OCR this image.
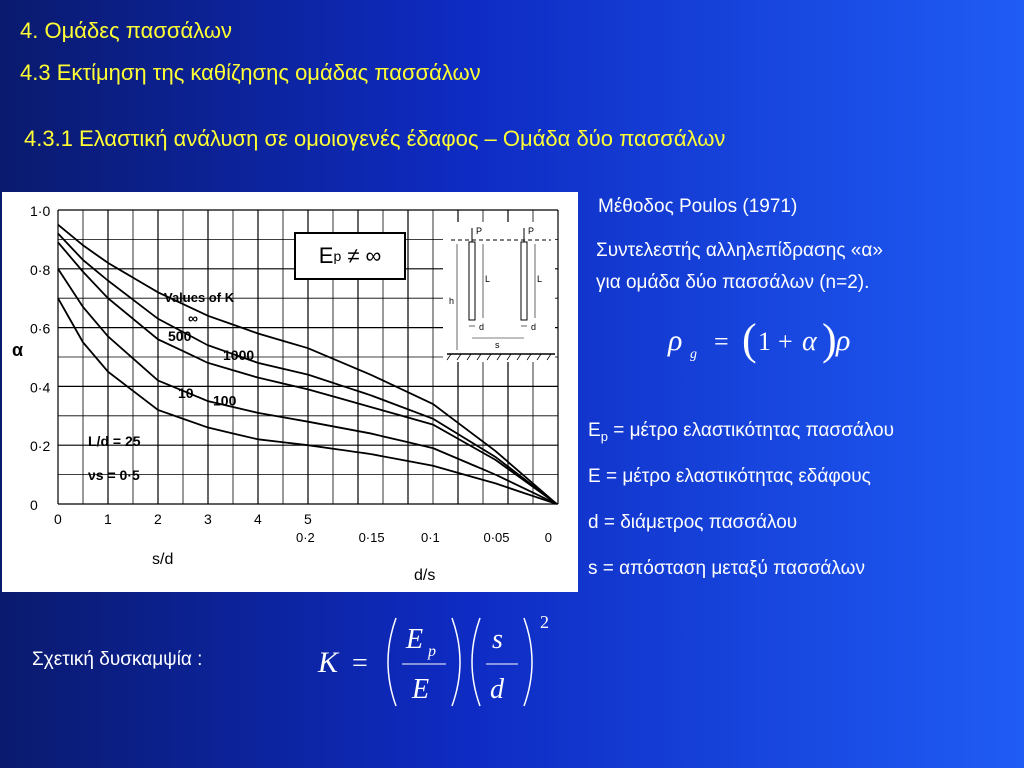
4. Ομάδες πασσάλων
4.3 Εκτίμηση της καθίζησης ομάδας πασσάλων
4.3.1 Ελαστική ανάλυση σε ομοιογενές έδαφος – Ομάδα δύο πασσάλων
Μέθοδος Poulos (1971)
Συντελεστής αλληλεπίδρασης «α»
για ομάδα δύο πασσάλων (n=2).
1·0
0·8
0·6
0·4
0·2
0
α
0	1	2	3	4	5
0·2	0·15	0·1	0·05	0
s/d
d/s
∞
1000
500
100
10
Values of K
L/d = 25
νs = 0·5
E p ≠ ∞
P	P
L	L
h
d	d
s	ρ g = ( 1 + α ) ρ
$E_p = \mu έ\tau\rho o$ ελαστικότητας πασσάλου
E = μέτρο ελαστικότητας εδάφους
d = διάμετρος πασσάλου
s = απόσταση μεταξύ πασσάλων
Σχετική δυσκαμψία :	K =
E p
E
s
d
2
